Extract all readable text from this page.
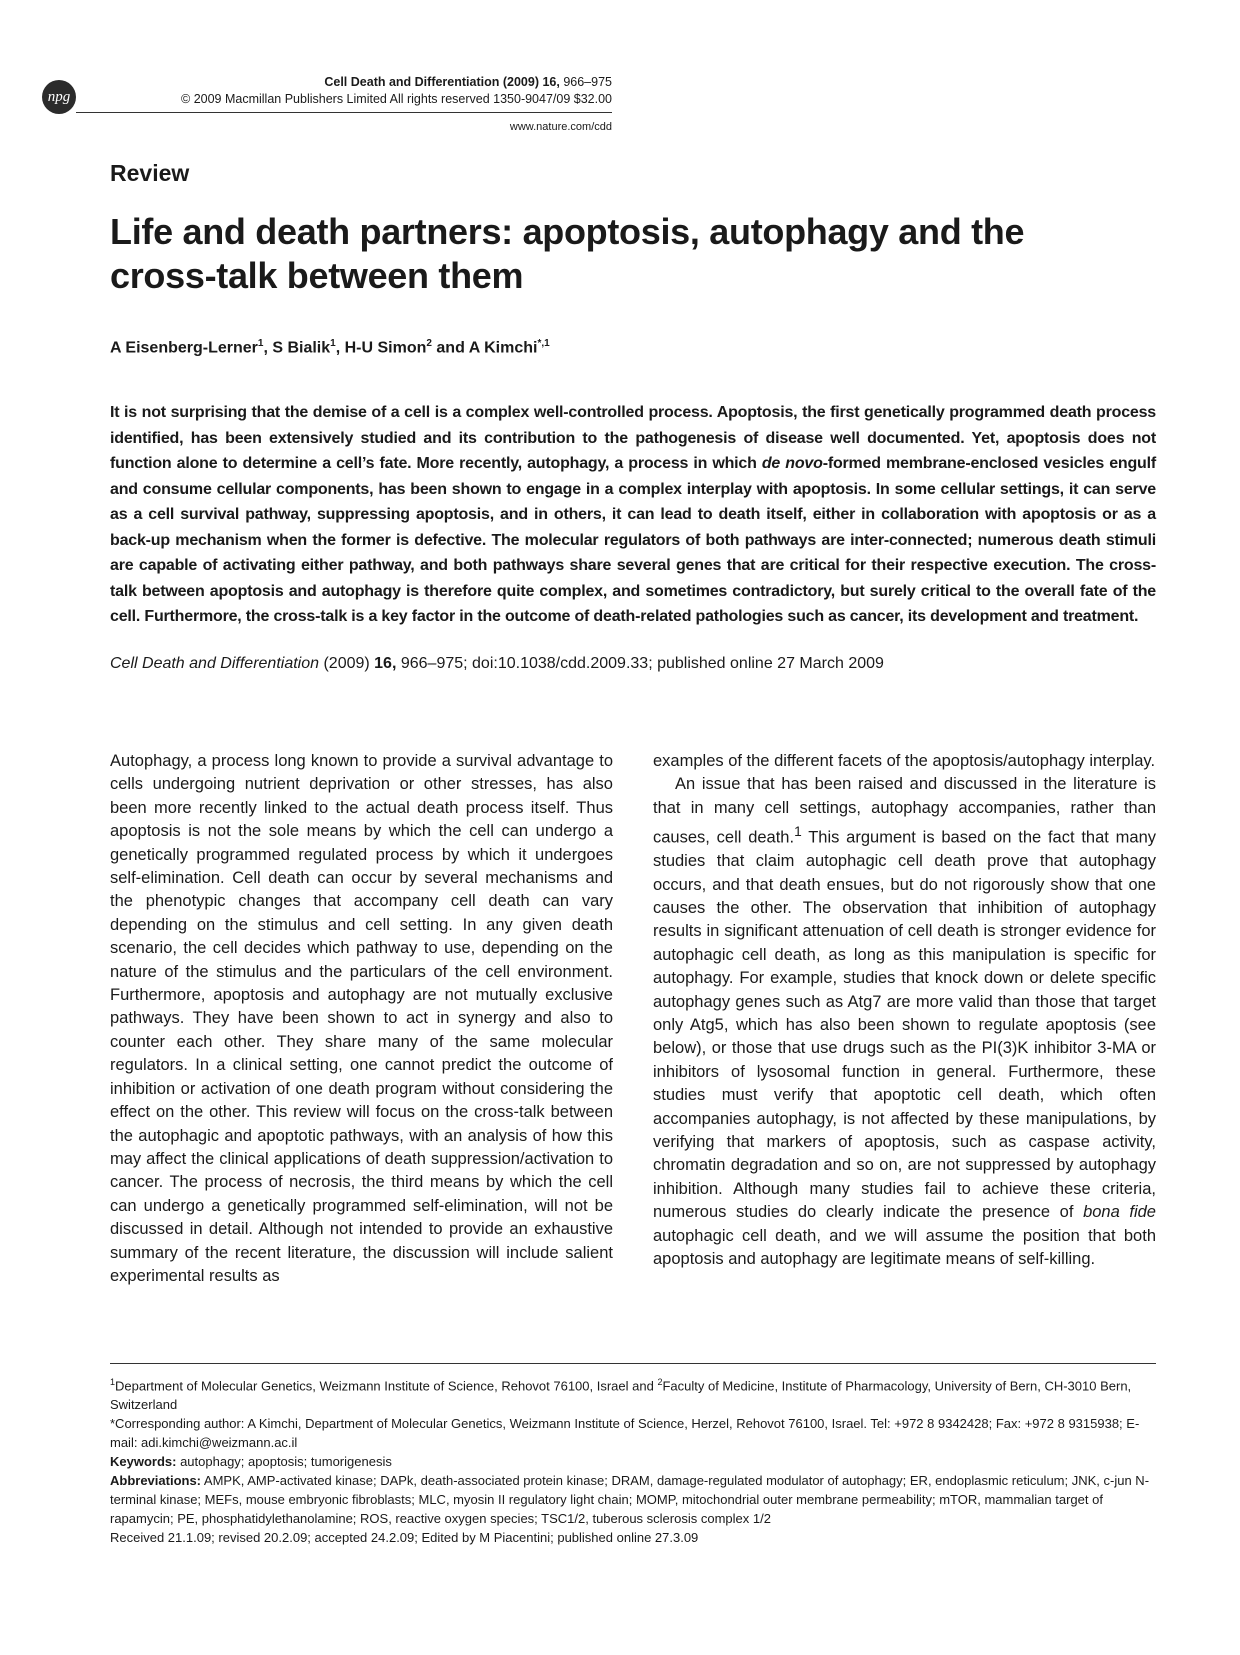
npg
Cell Death and Differentiation (2009) 16, 966–975
© 2009 Macmillan Publishers Limited All rights reserved 1350-9047/09 $32.00
www.nature.com/cdd
Review
Life and death partners: apoptosis, autophagy and the cross-talk between them
A Eisenberg-Lerner$^1$, S Bialik$^1$, H-U Simon$^2$ and A Kimchi$^{*,1}$
It is not surprising that the demise of a cell is a complex well-controlled process. Apoptosis, the first genetically programmed death process identified, has been extensively studied and its contribution to the pathogenesis of disease well documented. Yet, apoptosis does not function alone to determine a cell’s fate. More recently, autophagy, a process in which de novo-formed membrane-enclosed vesicles engulf and consume cellular components, has been shown to engage in a complex interplay with apoptosis. In some cellular settings, it can serve as a cell survival pathway, suppressing apoptosis, and in others, it can lead to death itself, either in collaboration with apoptosis or as a back-up mechanism when the former is defective. The molecular regulators of both pathways are inter-connected; numerous death stimuli are capable of activating either pathway, and both pathways share several genes that are critical for their respective execution. The cross-talk between apoptosis and autophagy is therefore quite complex, and sometimes contradictory, but surely critical to the overall fate of the cell. Furthermore, the cross-talk is a key factor in the outcome of death-related pathologies such as cancer, its development and treatment.
Cell Death and Differentiation (2009) 16, 966–975; doi:10.1038/cdd.2009.33; published online 27 March 2009

Autophagy, a process long known to provide a survival advantage to cells undergoing nutrient deprivation or other stresses, has also been more recently linked to the actual death process itself. Thus apoptosis is not the sole means by which the cell can undergo a genetically programmed regulated process by which it undergoes self-elimination. Cell death can occur by several mechanisms and the phenotypic changes that accompany cell death can vary depending on the stimulus and cell setting. In any given death scenario, the cell decides which pathway to use, depending on the nature of the stimulus and the particulars of the cell environment. Furthermore, apoptosis and autophagy are not mutually exclusive pathways. They have been shown to act in synergy and also to counter each other. They share many of the same molecular regulators. In a clinical setting, one cannot predict the outcome of inhibition or activation of one death program without considering the effect on the other. This review will focus on the cross-talk between the autophagic and apoptotic pathways, with an analysis of how this may affect the clinical applications of death suppression/activation to cancer. The process of necrosis, the third means by which the cell can undergo a genetically programmed self-elimination, will not be discussed in detail. Although not intended to provide an exhaustive summary of the recent literature, the discussion will include salient experimental results as

examples of the different facets of the apoptosis/autophagy interplay.

An issue that has been raised and discussed in the literature is that in many cell settings, autophagy accompanies, rather than causes, cell death.$^1$ This argument is based on the fact that many studies that claim autophagic cell death prove that autophagy occurs, and that death ensues, but do not rigorously show that one causes the other. The observation that inhibition of autophagy results in significant attenuation of cell death is stronger evidence for autophagic cell death, as long as this manipulation is specific for autophagy. For example, studies that knock down or delete specific autophagy genes such as Atg7 are more valid than those that target only Atg5, which has also been shown to regulate apoptosis (see below), or those that use drugs such as the PI(3)K inhibitor 3-MA or inhibitors of lysosomal function in general. Furthermore, these studies must verify that apoptotic cell death, which often accompanies autophagy, is not affected by these manipulations, by verifying that markers of apoptosis, such as caspase activity, chromatin degradation and so on, are not suppressed by autophagy inhibition. Although many studies fail to achieve these criteria, numerous studies do clearly indicate the presence of bona fide autophagic cell death, and we will assume the position that both apoptosis and autophagy are legitimate means of self-killing.

$^1$Department of Molecular Genetics, Weizmann Institute of Science, Rehovot 76100, Israel and $^2$Faculty of Medicine, Institute of Pharmacology, University of Bern, CH-3010 Bern, Switzerland

*Corresponding author: A Kimchi, Department of Molecular Genetics, Weizmann Institute of Science, Herzel, Rehovot 76100, Israel. Tel: +972 8 9342428; Fax: +972 8 9315938; E-mail: adi.kimchi@weizmann.ac.il

Keywords: autophagy; apoptosis; tumorigenesis

Abbreviations: AMPK, AMP-activated kinase; DAPk, death-associated protein kinase; DRAM, damage-regulated modulator of autophagy; ER, endoplasmic reticulum; JNK, c-jun N-terminal kinase; MEFs, mouse embryonic fibroblasts; MLC, myosin II regulatory light chain; MOMP, mitochondrial outer membrane permeability; mTOR, mammalian target of rapamycin; PE, phosphatidylethanolamine; ROS, reactive oxygen species; TSC1/2, tuberous sclerosis complex 1/2

Received 21.1.09; revised 20.2.09; accepted 24.2.09; Edited by M Piacentini; published online 27.3.09
